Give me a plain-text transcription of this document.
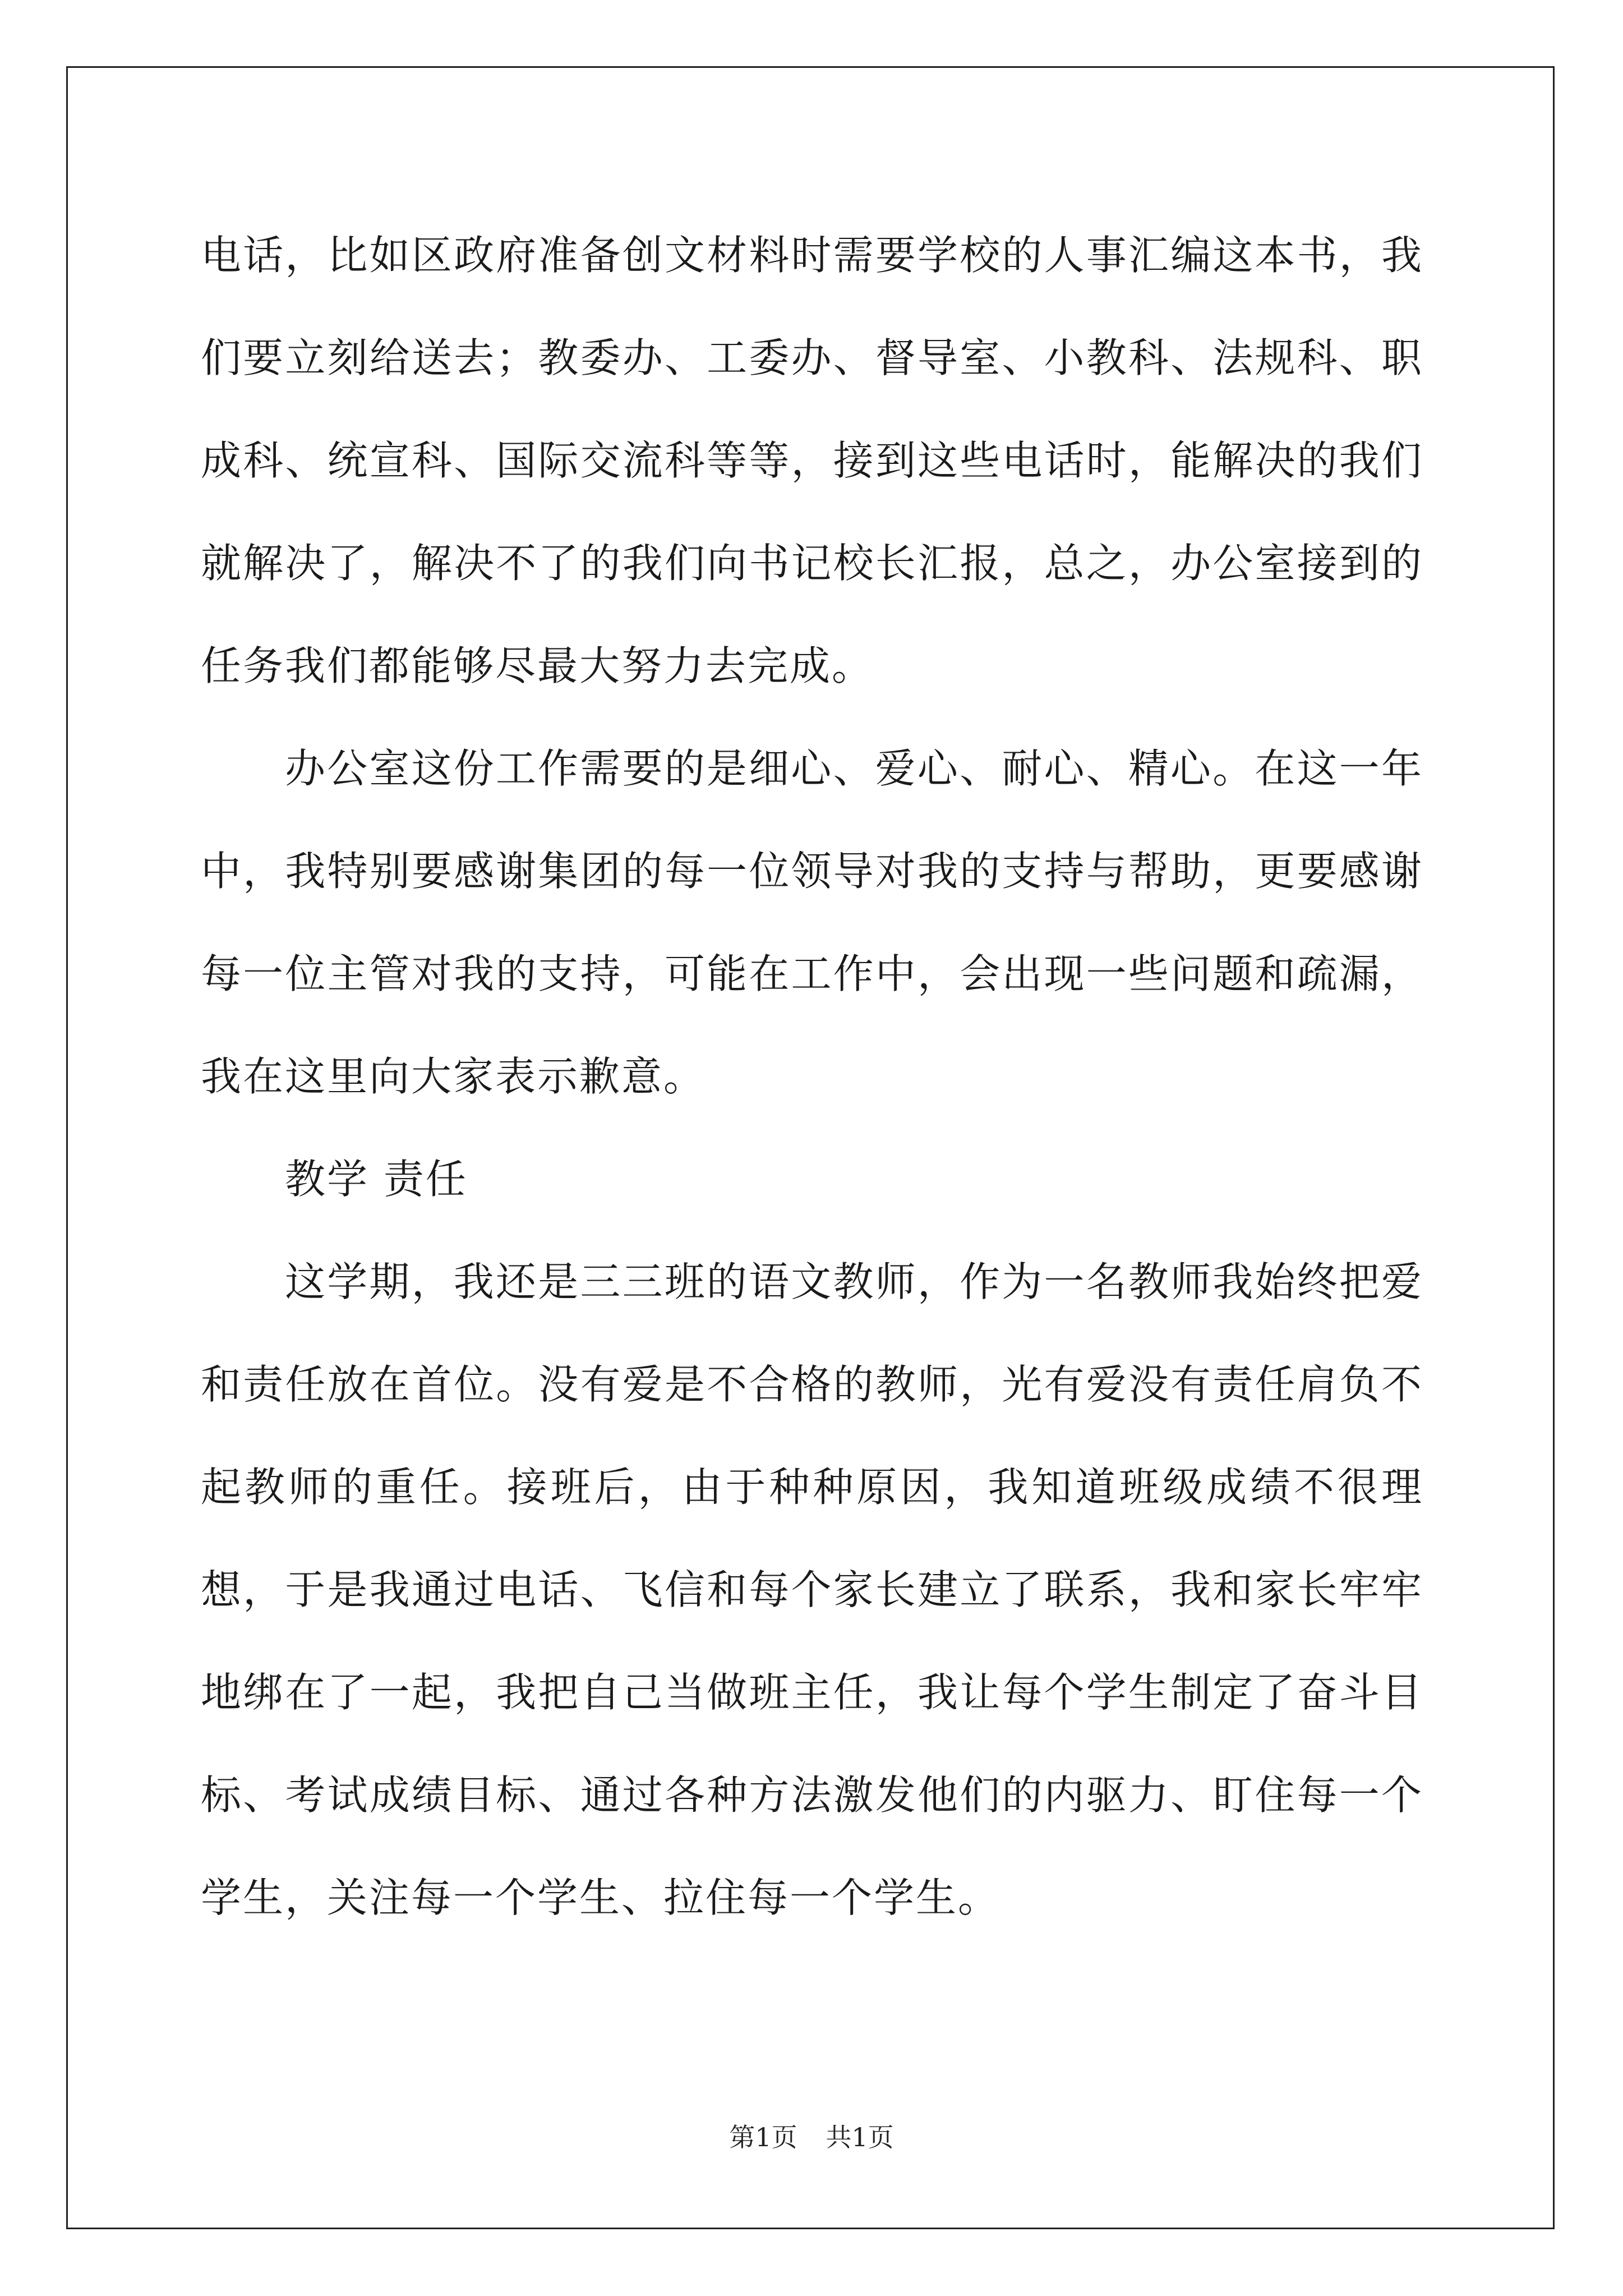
电话，比如区政府准备创文材料时需要学校的人事汇编这本书，我们要立刻给送去；教委办、工委办、督导室、小教科、法规科、职成科、统宣科、国际交流科等等，接到这些电话时，能解决的我们就解决了，解决不了的我们向书记校长汇报，总之，办公室接到的任务我们都能够尽最大努力去完成。

办公室这份工作需要的是细心、爱心、耐心、精心。在这一年中，我特别要感谢集团的每一位领导对我的支持与帮助，更要感谢每一位主管对我的支持，可能在工作中，会出现一些问题和疏漏，我在这里向大家表示歉意。

教学 责任

这学期，我还是三三班的语文教师，作为一名教师我始终把爱和责任放在首位。没有爱是不合格的教师，光有爱没有责任肩负不起教师的重任。接班后，由于种种原因，我知道班级成绩不很理想，于是我通过电话、飞信和每个家长建立了联系，我和家长牢牢地绑在了一起，我把自己当做班主任，我让每个学生制定了奋斗目标、考试成绩目标、通过各种方法激发他们的内驱力、盯住每一个学生，关注每一个学生、拉住每一个学生。

第1页 共1页
